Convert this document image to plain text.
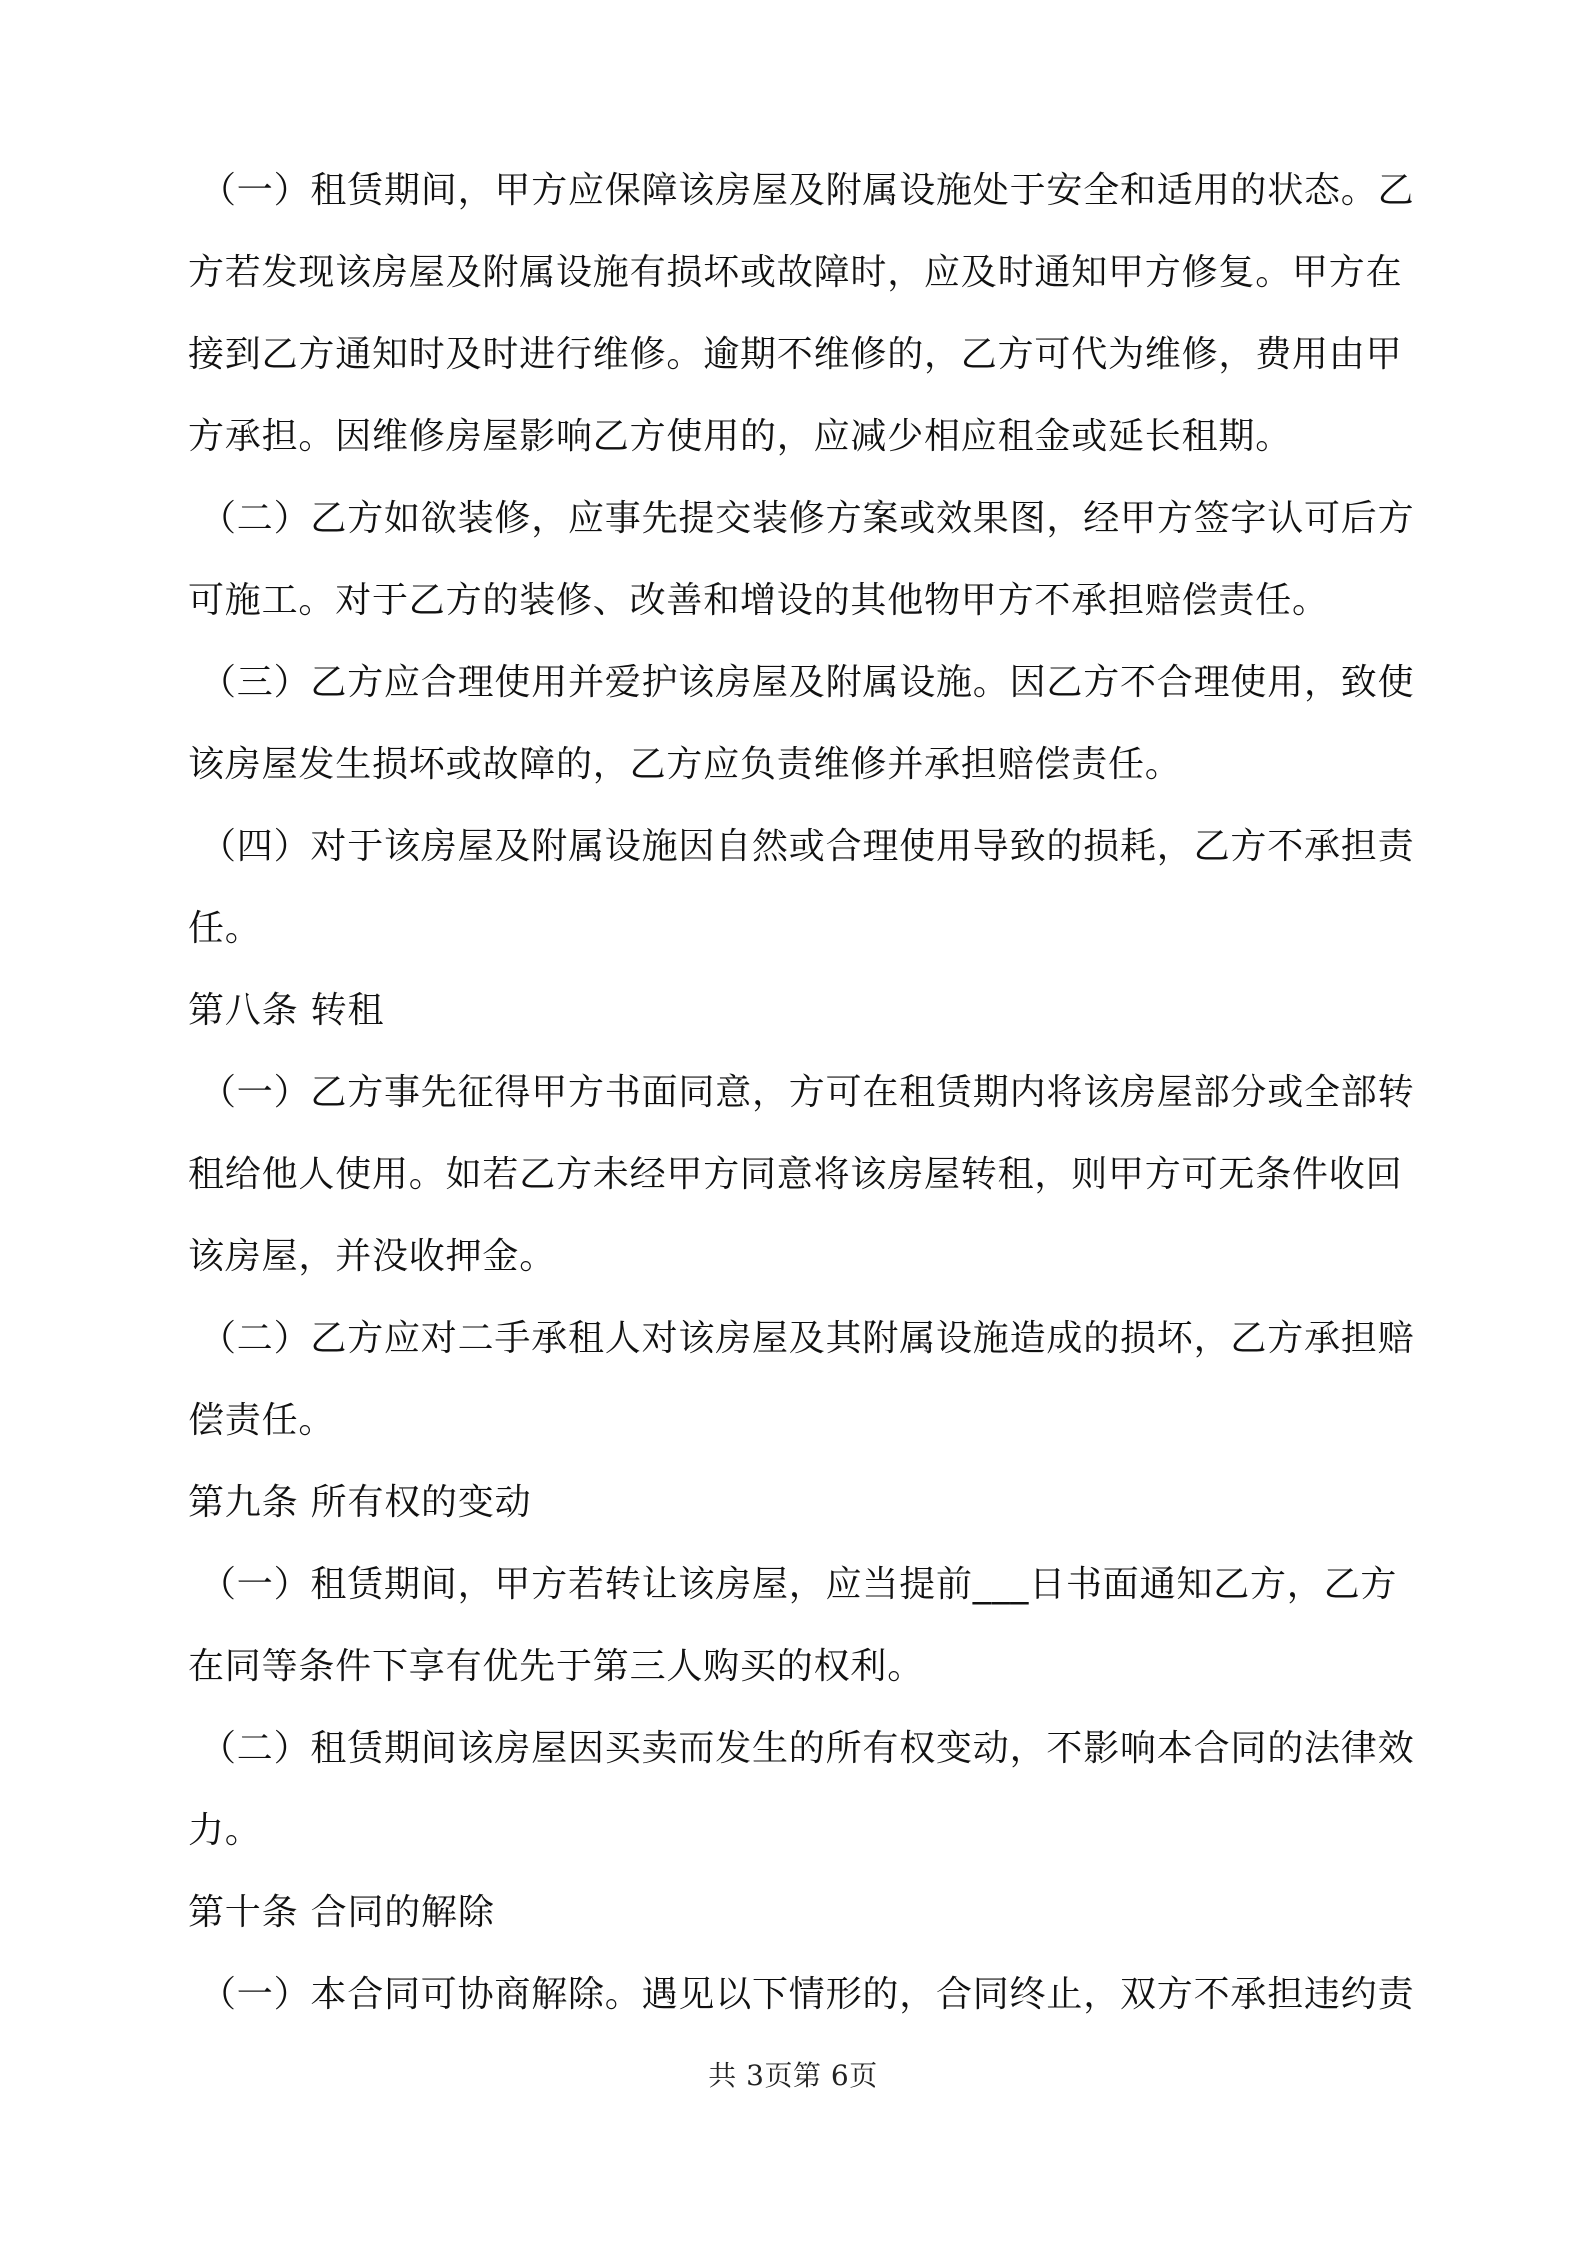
（一）租赁期间，甲方应保障该房屋及附属设施处于安全和适用的状态。乙方若发现该房屋及附属设施有损坏或故障时，应及时通知甲方修复。甲方在接到乙方通知时及时进行维修。逾期不维修的，乙方可代为维修，费用由甲方承担。因维修房屋影响乙方使用的，应减少相应租金或延长租期。

（二）乙方如欲装修，应事先提交装修方案或效果图，经甲方签字认可后方可施工。对于乙方的装修、改善和增设的其他物甲方不承担赔偿责任。

（三）乙方应合理使用并爱护该房屋及附属设施。因乙方不合理使用，致使该房屋发生损坏或故障的，乙方应负责维修并承担赔偿责任。

（四）对于该房屋及附属设施因自然或合理使用导致的损耗，乙方不承担责任。

第八条 转租

（一）乙方事先征得甲方书面同意，方可在租赁期内将该房屋部分或全部转租给他人使用。如若乙方未经甲方同意将该房屋转租，则甲方可无条件收回该房屋，并没收押金。

（二）乙方应对二手承租人对该房屋及其附属设施造成的损坏，乙方承担赔偿责任。

第九条 所有权的变动

（一）租赁期间，甲方若转让该房屋，应当提前___日书面通知乙方，乙方在同等条件下享有优先于第三人购买的权利。

（二）租赁期间该房屋因买卖而发生的所有权变动，不影响本合同的法律效力。

第十条 合同的解除

（一）本合同可协商解除。遇见以下情形的，合同终止，双方不承担违约责

共 3页第 6页
